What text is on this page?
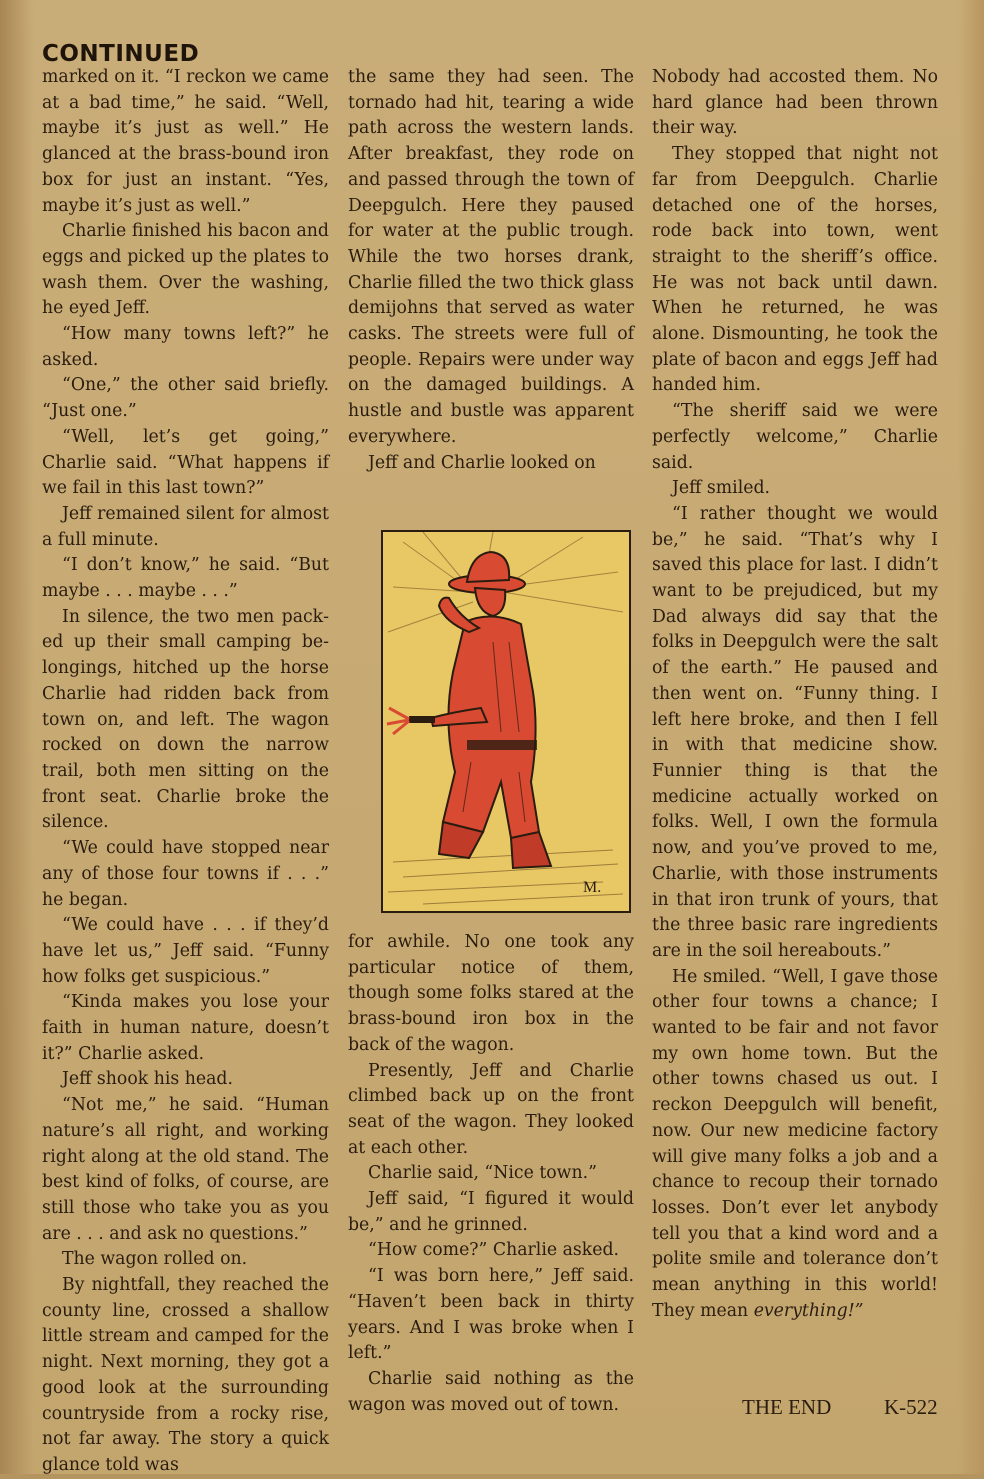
CONTINUED

marked on it. “I reckon we came at a bad time,” he said. “Well, maybe it’s just as well.” He glanced at the brass-bound iron box for just an instant. “Yes, maybe it’s just as well.”

Charlie finished his bacon and eggs and picked up the plates to wash them. Over the washing, he eyed Jeff.

“How many towns left?” he asked.

“One,” the other said briefly. “Just one.”

“Well, let’s get going,” Charlie said. “What happens if we fail in this last town?”

Jeff remained silent for almost a full minute.

“I don’t know,” he said. “But maybe . . . maybe . . .”

In silence, the two men packed up their small camping belongings, hitched up the horse Charlie had ridden back from town on, and left. The wagon rocked on down the narrow trail, both men sitting on the front seat. Charlie broke the silence.

“We could have stopped near any of those four towns if . . .” he began.

“We could have . . . if they’d have let us,” Jeff said. “Funny how folks get suspicious.”

“Kinda makes you lose your faith in human nature, doesn’t it?” Charlie asked.

Jeff shook his head.

“Not me,” he said. “Human nature’s all right, and working right along at the old stand. The best kind of folks, of course, are still those who take you as you are . . . and ask no questions.”

The wagon rolled on.

By nightfall, they reached the county line, crossed a shallow little stream and camped for the night. Next morning, they got a good look at the surrounding countryside from a rocky rise, not far away. The story a quick glance told was

the same they had seen. The tornado had hit, tearing a wide path across the western lands. After breakfast, they rode on and passed through the town of Deepgulch. Here they paused for water at the public trough. While the two horses drank, Charlie filled the two thick glass demijohns that served as water casks. The streets were full of people. Repairs were under way on the damaged buildings. A hustle and bustle was apparent everywhere.

Jeff and Charlie looked on

M.

for awhile. No one took any particular notice of them, though some folks stared at the brass-bound iron box in the back of the wagon.

Presently, Jeff and Charlie climbed back up on the front seat of the wagon. They looked at each other.

Charlie said, “Nice town.”

Jeff said, “I figured it would be,” and he grinned.

“How come?” Charlie asked.

“I was born here,” Jeff said. “Haven’t been back in thirty years. And I was broke when I left.”

Charlie said nothing as the wagon was moved out of town.

Nobody had accosted them. No hard glance had been thrown their way.

They stopped that night not far from Deepgulch. Charlie detached one of the horses, rode back into town, went straight to the sheriff’s office. He was not back until dawn. When he returned, he was alone. Dismounting, he took the plate of bacon and eggs Jeff had handed him.

“The sheriff said we were perfectly welcome,” Charlie said.

Jeff smiled.

“I rather thought we would be,” he said. “That’s why I saved this place for last. I didn’t want to be prejudiced, but my Dad always did say that the folks in Deepgulch were the salt of the earth.” He paused and then went on. “Funny thing. I left here broke, and then I fell in with that medicine show. Funnier thing is that the medicine actually worked on folks. Well, I own the formula now, and you’ve proved to me, Charlie, with those instruments in that iron trunk of yours, that the three basic rare ingredients are in the soil hereabouts.”

He smiled. “Well, I gave those other four towns a chance; I wanted to be fair and not favor my own home town. But the other towns chased us out. I reckon Deepgulch will benefit, now. Our new medicine factory will give many folks a job and a chance to recoup their tornado losses. Don’t ever let anybody tell you that a kind word and a polite smile and tolerance don’t mean anything in this world! They mean everything!”

THE END	K-522
